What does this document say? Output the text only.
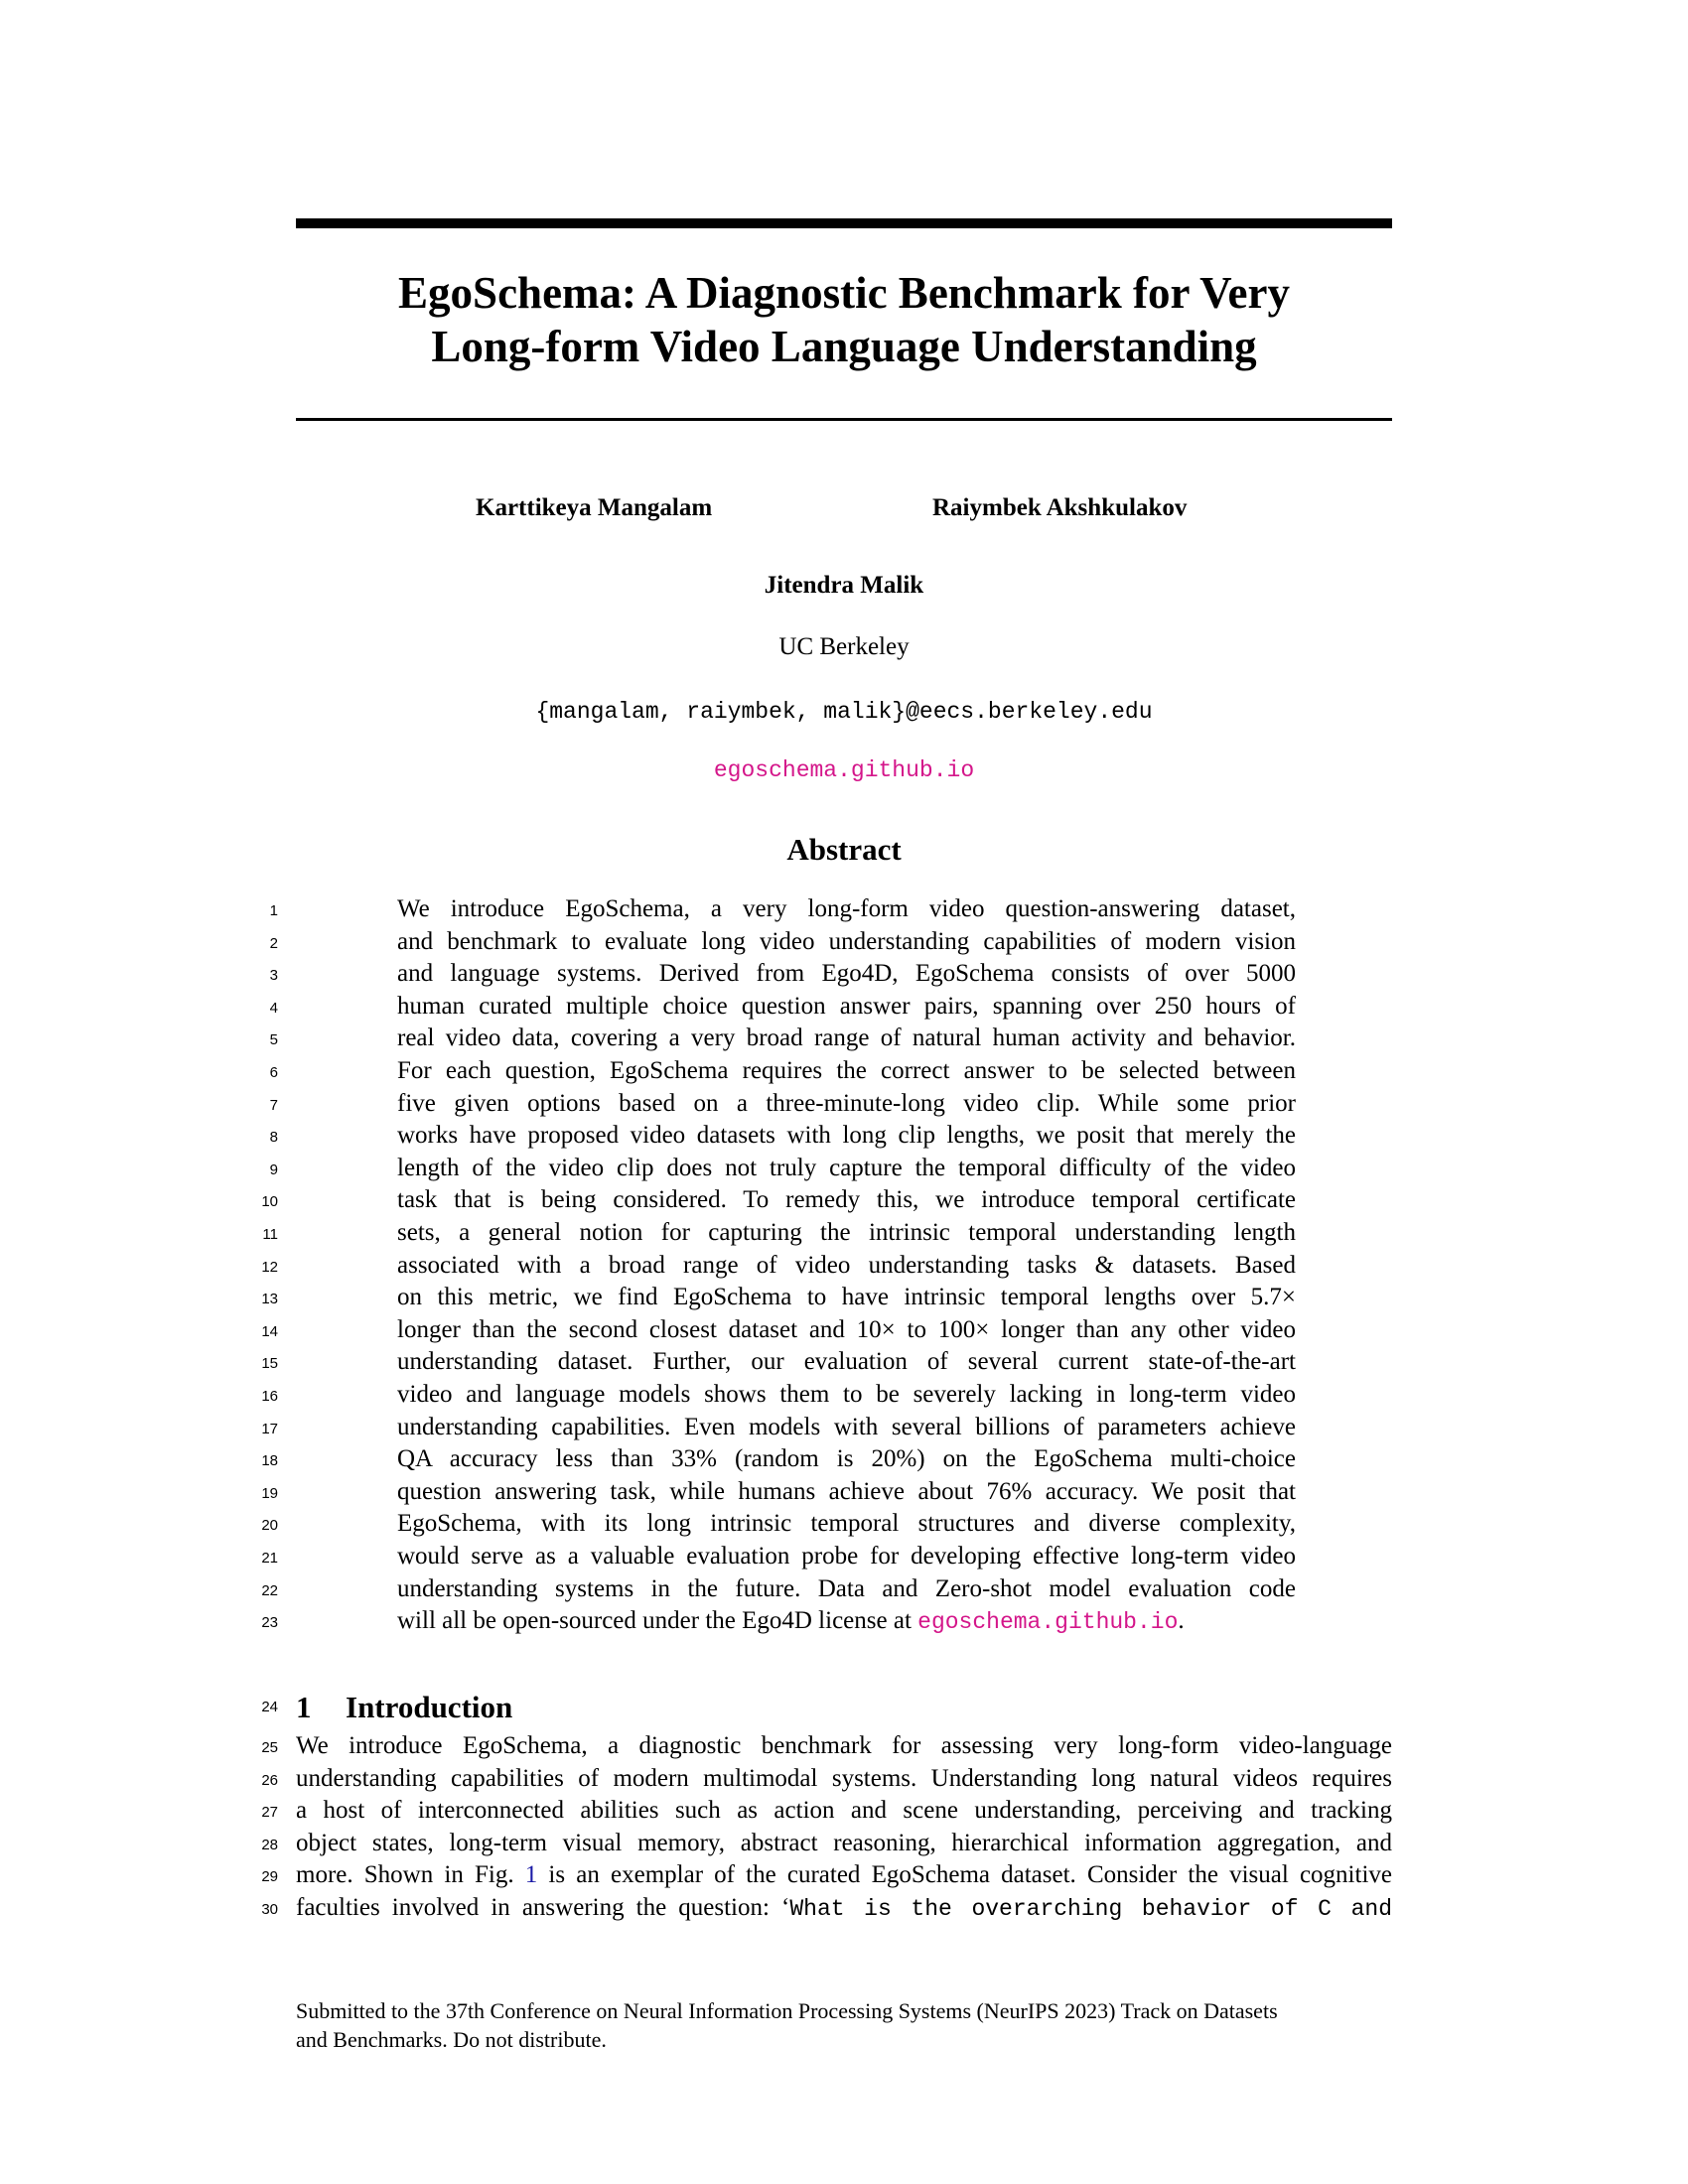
EgoSchema: A Diagnostic Benchmark for Very
Long-form Video Language Understanding
Karttikeya Mangalam	Raiymbek Akshkulakov
Jitendra Malik
UC Berkeley
{mangalam, raiymbek, malik}@eecs.berkeley.edu
egoschema.github.io
Abstract
We introduce EgoSchema, a very long-form video question-answering dataset,
and benchmark to evaluate long video understanding capabilities of modern vision
and language systems. Derived from Ego4D, EgoSchema consists of over 5000
human curated multiple choice question answer pairs, spanning over 250 hours of
real video data, covering a very broad range of natural human activity and behavior.
For each question, EgoSchema requires the correct answer to be selected between
five given options based on a three-minute-long video clip. While some prior
works have proposed video datasets with long clip lengths, we posit that merely the
length of the video clip does not truly capture the temporal difficulty of the video
task that is being considered. To remedy this, we introduce temporal certificate
sets, a general notion for capturing the intrinsic temporal understanding length
associated with a broad range of video understanding tasks & datasets. Based
on this metric, we find EgoSchema to have intrinsic temporal lengths over 5.7×
longer than the second closest dataset and 10× to 100× longer than any other video
understanding dataset. Further, our evaluation of several current state-of-the-art
video and language models shows them to be severely lacking in long-term video
understanding capabilities. Even models with several billions of parameters achieve
QA accuracy less than 33% (random is 20%) on the EgoSchema multi-choice
question answering task, while humans achieve about 76% accuracy. We posit that
EgoSchema, with its long intrinsic temporal structures and diverse complexity,
would serve as a valuable evaluation probe for developing effective long-term video
understanding systems in the future. Data and Zero-shot model evaluation code
will all be open-sourced under the Ego4D license at egoschema.github.io.
1 Introduction
We introduce EgoSchema, a diagnostic benchmark for assessing very long-form video-language
understanding capabilities of modern multimodal systems. Understanding long natural videos requires
a host of interconnected abilities such as action and scene understanding, perceiving and tracking
object states, long-term visual memory, abstract reasoning, hierarchical information aggregation, and
more. Shown in Fig. 1 is an exemplar of the curated EgoSchema dataset. Consider the visual cognitive
faculties involved in answering the question: ‘What is the overarching behavior of C and
1
2
3
4
5
6
7
8
9
10
11
12
13
14
15
16
17
18
19
20
21
22
23
24
25
26
27
28
29
30
Submitted to the 37th Conference on Neural Information Processing Systems (NeurIPS 2023) Track on Datasets
and Benchmarks. Do not distribute.
